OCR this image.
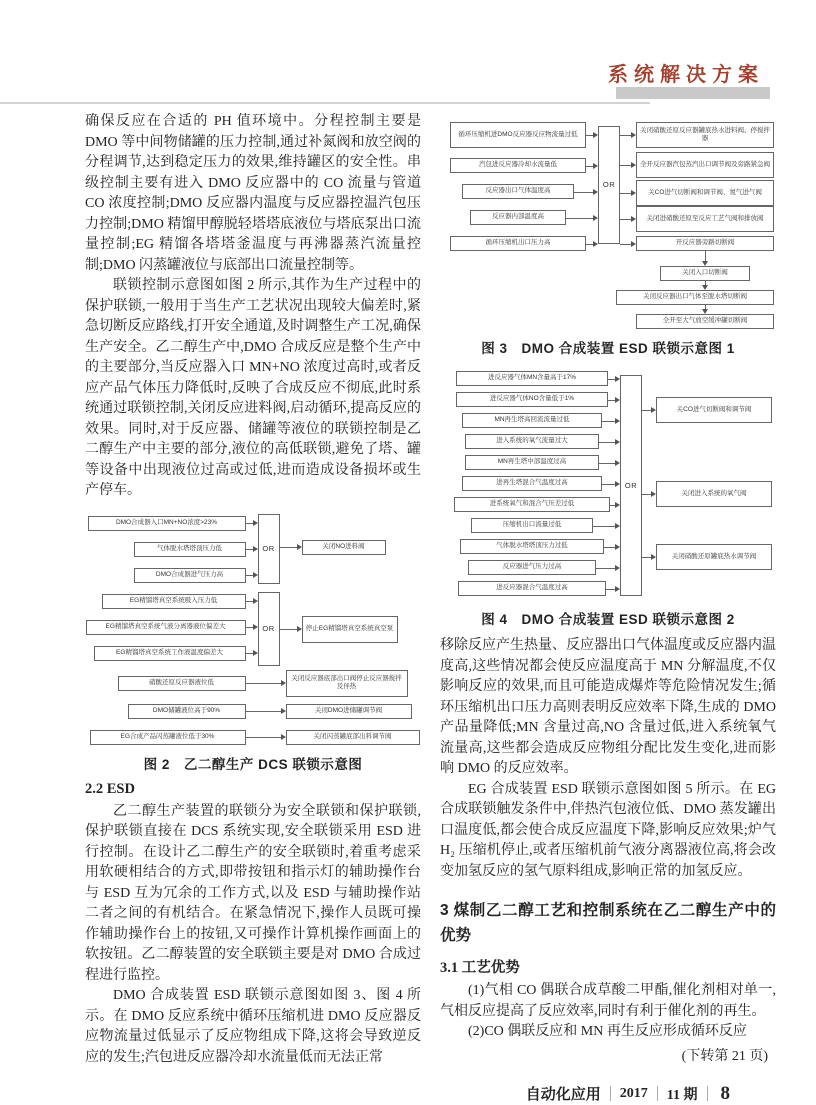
系统解决方案

确保反应在合适的 PH 值环境中。分程控制主要是 DMO 等中间物储罐的压力控制,通过补氮阀和放空阀的分程调节,达到稳定压力的效果,维持罐区的安全性。串级控制主要有进入 DMO 反应器中的 CO 流量与管道 CO 浓度控制;DMO 反应器内温度与反应器控温汽包压力控制;DMO 精馏甲醇脱轻塔塔底液位与塔底泵出口流量控制;EG 精馏各塔塔釜温度与再沸器蒸汽流量控制;DMO 闪蒸罐液位与底部出口流量控制等。

联锁控制示意图如图 2 所示,其作为生产过程中的保护联锁,一般用于当生产工艺状况出现较大偏差时,紧急切断反应路线,打开安全通道,及时调整生产工况,确保生产安全。乙二醇生产中,DMO 合成反应是整个生产中的主要部分,当反应器入口 MN+NO 浓度过高时,或者反应产品气体压力降低时,反映了合成反应不彻底,此时系统通过联锁控制,关闭反应进料阀,启动循环,提高反应的效果。同时,对于反应器、储罐等液位的联锁控制是乙二醇生产中主要的部分,液位的高低联锁,避免了塔、罐等设备中出现液位过高或过低,进而造成设备损坏或生产停车。

DMO合成器入口MN+NO浓度>23%
气体脱水塔塔顶压力低
DMO合成器进气压力高
OR	关闭NO进料阀
EG精馏塔真空系统吸入压力低
EG精馏塔真空系统气液分离器液位偏差大
EG精馏塔真空系统工作液温度偏差大
OR	停止EG精馏塔真空系统真空泵
硝酸还原反应器液位低
DMO储罐液位高于90%
EG合成产品闪蒸罐液位低于30%
关闭反应器底部出口阀停止反应器搅拌及伴热
关闭DMO进储罐调节阀
关闭闪蒸罐底部出料调节阀
图 2　乙二醇生产 DCS 联锁示意图
2.2 ESD

乙二醇生产装置的联锁分为安全联锁和保护联锁,保护联锁直接在 DCS 系统实现,安全联锁采用 ESD 进行控制。在设计乙二醇生产的安全联锁时,着重考虑采用软硬相结合的方式,即带按钮和指示灯的辅助操作台与 ESD 互为冗余的工作方式,以及 ESD 与辅助操作站二者之间的有机结合。在紧急情况下,操作人员既可操作辅助操作台上的按钮,又可操作计算机操作画面上的软按钮。乙二醇装置的安全联锁主要是对 DMO 合成过程进行监控。

DMO 合成装置 ESD 联锁示意图如图 3、图 4 所示。在 DMO 反应系统中循环压缩机进 DMO 反应器反应物流量过低显示了反应物组成下降,这将会导致逆反应的发生;汽包进反应器冷却水流量低而无法正常

循环压缩机进DMO反应器反应物流量过低
汽包进反应器冷却水流量低
反应器出口气体温度高
反应器内部温度高
循环压缩机出口压力高
OR
关闭硝酸还原反应器罐底热水进料阀、停搅拌器
全开反应器汽包蒸汽出口调节阀及旁路紧急阀
关CO进气切断阀和调节阀、氮气进气阀
关闭进硝酸还原至反应工艺气阀和排放阀
开反应器旁路切断阀
关闭入口切断阀
关闭反应器出口气体至脱水塔切断阀
全开至大气放空缓冲罐切断阀
图 3　DMO 合成装置 ESD 联锁示意图 1
进反应器气体MN含量高于17%
进反应器气体NO含量低于1%
MN再生塔高回流流量过低
进入系统的氧气流量过大
MN再生塔中部温度过高
进再生塔混合气温度过高
进系统氧气和混合气压差过低
压缩机出口流量过低
气体脱水塔塔顶压力过低
反应器进气压力过高
进反应器混合气温度过高
OR
关CO进气切断阀和调节阀
关闭进入系统的氧气阀
关闭硝酸还原罐底热水调节阀
图 4　DMO 合成装置 ESD 联锁示意图 2

移除反应产生热量、反应器出口气体温度或反应器内温度高,这些情况都会使反应温度高于 MN 分解温度,不仅影响反应的效果,而且可能造成爆炸等危险情况发生;循环压缩机出口压力高则表明反应效率下降,生成的 DMO 产品量降低;MN 含量过高,NO 含量过低,进入系统氧气流量高,这些都会造成反应物组分配比发生变化,进而影响 DMO 的反应效率。

EG 合成装置 ESD 联锁示意图如图 5 所示。在 EG 合成联锁触发条件中,伴热汽包液位低、DMO 蒸发罐出口温度低,都会使合成反应温度下降,影响反应效果;炉气 H₂ 压缩机停止,或者压缩机前气液分离器液位高,将会改变加氢反应的氢气原料组成,影响正常的加氢反应。

3 煤制乙二醇工艺和控制系统在乙二醇生产中的优势
3.1 工艺优势

(1)气相 CO 偶联合成草酸二甲酯,催化剂相对单一,气相反应提高了反应效率,同时有利于催化剂的再生。

(2)CO 偶联反应和 MN 再生反应形成循环反应

(下转第 21 页)
自动化应用 2017 11 期 8
